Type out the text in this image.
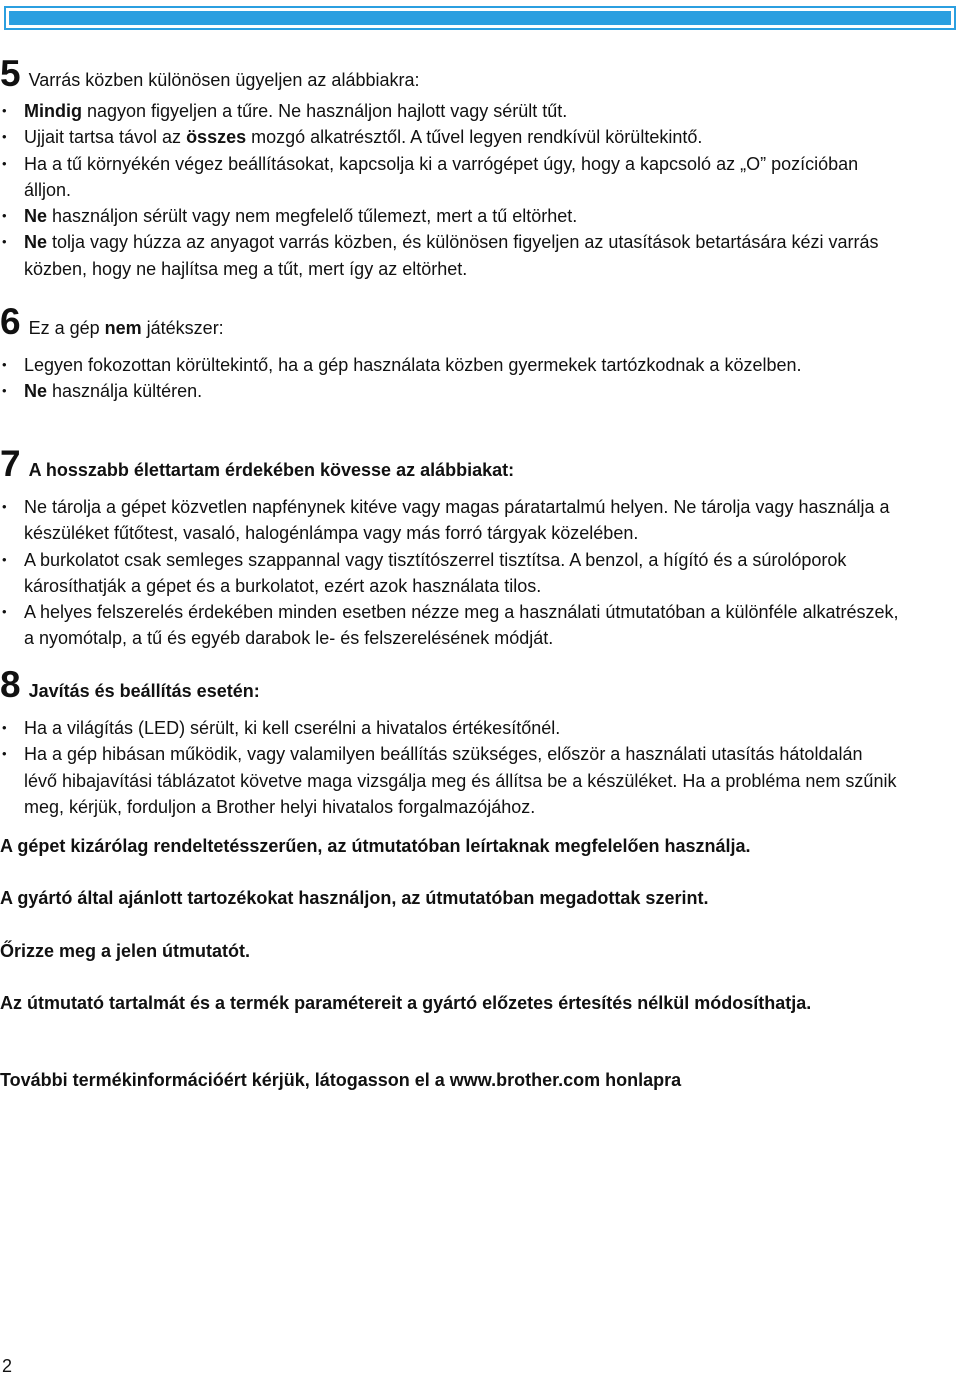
5 Varrás közben különösen ügyeljen az alábbiakra:
• Mindig nagyon figyeljen a tűre. Ne használjon hajlott vagy sérült tűt.
• Ujjait tartsa távol az összes mozgó alkatrésztől. A tűvel legyen rendkívül körültekintő.
• Ha a tű környékén végez beállításokat, kapcsolja ki a varrógépet úgy, hogy a kapcsoló az „O” pozícióban álljon.
• Ne használjon sérült vagy nem megfelelő tűlemezt, mert a tű eltörhet.
• Ne tolja vagy húzza az anyagot varrás közben, és különösen figyeljen az utasítások betartására kézi varrás közben, hogy ne hajlítsa meg a tűt, mert így az eltörhet.
6 Ez a gép nem játékszer:
• Legyen fokozottan körültekintő, ha a gép használata közben gyermekek tartózkodnak a közelben.
• Ne használja kültéren.
7 A hosszabb élettartam érdekében kövesse az alábbiakat:
• Ne tárolja a gépet közvetlen napfénynek kitéve vagy magas páratartalmú helyen. Ne tárolja vagy használja a készüléket fűtőtest, vasaló, halogénlámpa vagy más forró tárgyak közelében.
• A burkolatot csak semleges szappannal vagy tisztítószerrel tisztítsa. A benzol, a hígító és a súrolóporok károsíthatják a gépet és a burkolatot, ezért azok használata tilos.
• A helyes felszerelés érdekében minden esetben nézze meg a használati útmutatóban a különféle alkatrészek, a nyomótalp, a tű és egyéb darabok le- és felszerelésének módját.
8 Javítás és beállítás esetén:
• Ha a világítás (LED) sérült, ki kell cserélni a hivatalos értékesítőnél.
• Ha a gép hibásan működik, vagy valamilyen beállítás szükséges, először a használati utasítás hátoldalán lévő hibajavítási táblázatot követve maga vizsgálja meg és állítsa be a készüléket. Ha a probléma nem szűnik meg, kérjük, forduljon a Brother helyi hivatalos forgalmazójához.
A gépet kizárólag rendeltetésszerűen, az útmutatóban leírtaknak megfelelően használja.
A gyártó által ajánlott tartozékokat használjon, az útmutatóban megadottak szerint.
Őrizze meg a jelen útmutatót.
Az útmutató tartalmát és a termék paramétereit a gyártó előzetes értesítés nélkül módosíthatja.
További termékinformációért kérjük, látogasson el a www.brother.com honlapra
2
